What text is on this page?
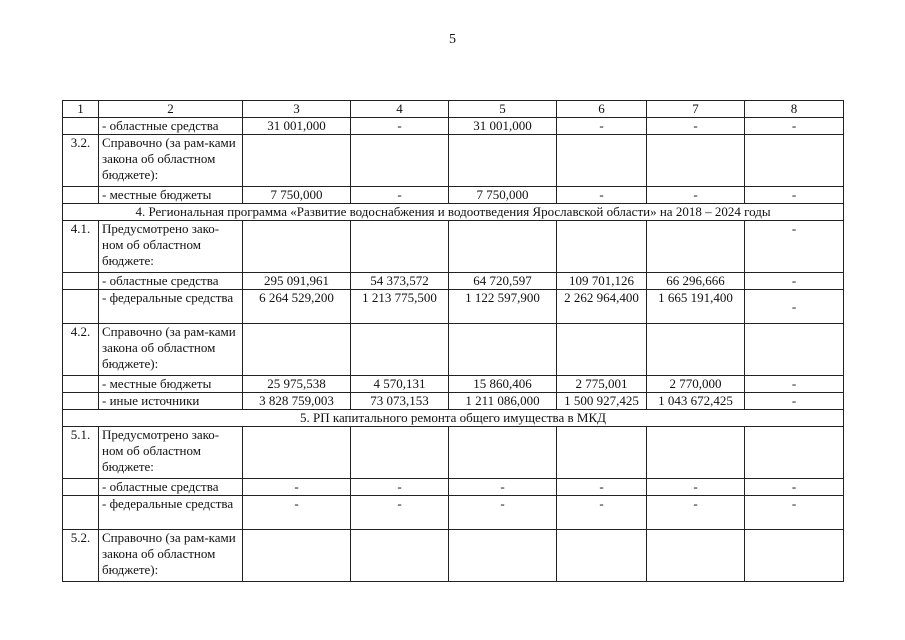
5
1	2	3	4	5	6	7	8
	- областные средства	31 001,000	-	31 001,000	-	-	-
3.2.	Справочно (за рам-ками закона об областном бюджете):						
	- местные бюджеты	7 750,000	-	7 750,000	-	-	-
4. Региональная программа «Развитие водоснабжения и водоотведения Ярославской области» на 2018 – 2024 годы							
4.1.	Предусмотрено зако-ном об областном бюджете:						-
	- областные средства	295 091,961	54 373,572	64 720,597	109 701,126	66 296,666	-
	- федеральные средства	6 264 529,200	1 213 775,500	1 122 597,900	2 262 964,400	1 665 191,400	-
4.2.	Справочно (за рам-ками закона об областном бюджете):						
	- местные бюджеты	25 975,538	4 570,131	15 860,406	2 775,001	2 770,000	-
	- иные источники	3 828 759,003	73 073,153	1 211 086,000	1 500 927,425	1 043 672,425	-
5. РП капитального ремонта общего имущества в МКД							
5.1.	Предусмотрено зако-ном об областном бюджете:						
	- областные средства	-	-	-	-	-	-
	- федеральные средства	-	-	-	-	-	-
5.2.	Справочно (за рам-ками закона об областном бюджете):						
